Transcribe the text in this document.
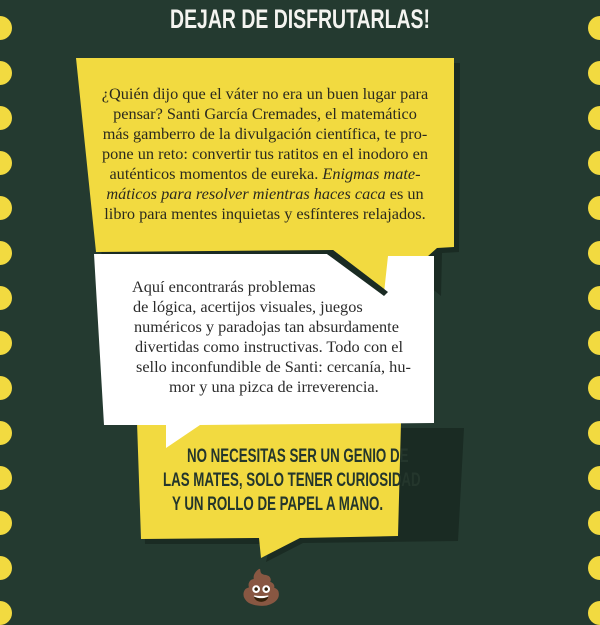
DEJAR DE DISFRUTARLAS!
¿Quién dijo que el váter no era un buen lugar para
pensar? Santi García Cremades, el matemático
más gamberro de la divulgación científica, te pro-
pone un reto: convertir tus ratitos en el inodoro en
auténticos momentos de eureka. Enigmas mate-
máticos para resolver mientras haces caca es un
libro para mentes inquietas y esfínteres relajados.
Aquí encontrarás problemas
de lógica, acertijos visuales, juegos
numéricos y paradojas tan absurdamente
divertidas como instructivas. Todo con el
sello inconfundible de Santi: cercanía, hu-
mor y una pizca de irreverencia.
NO NECESITAS SER UN GENIO DE
LAS MATES, SOLO TENER CURIOSIDAD
Y UN ROLLO DE PAPEL A MANO.
💩
